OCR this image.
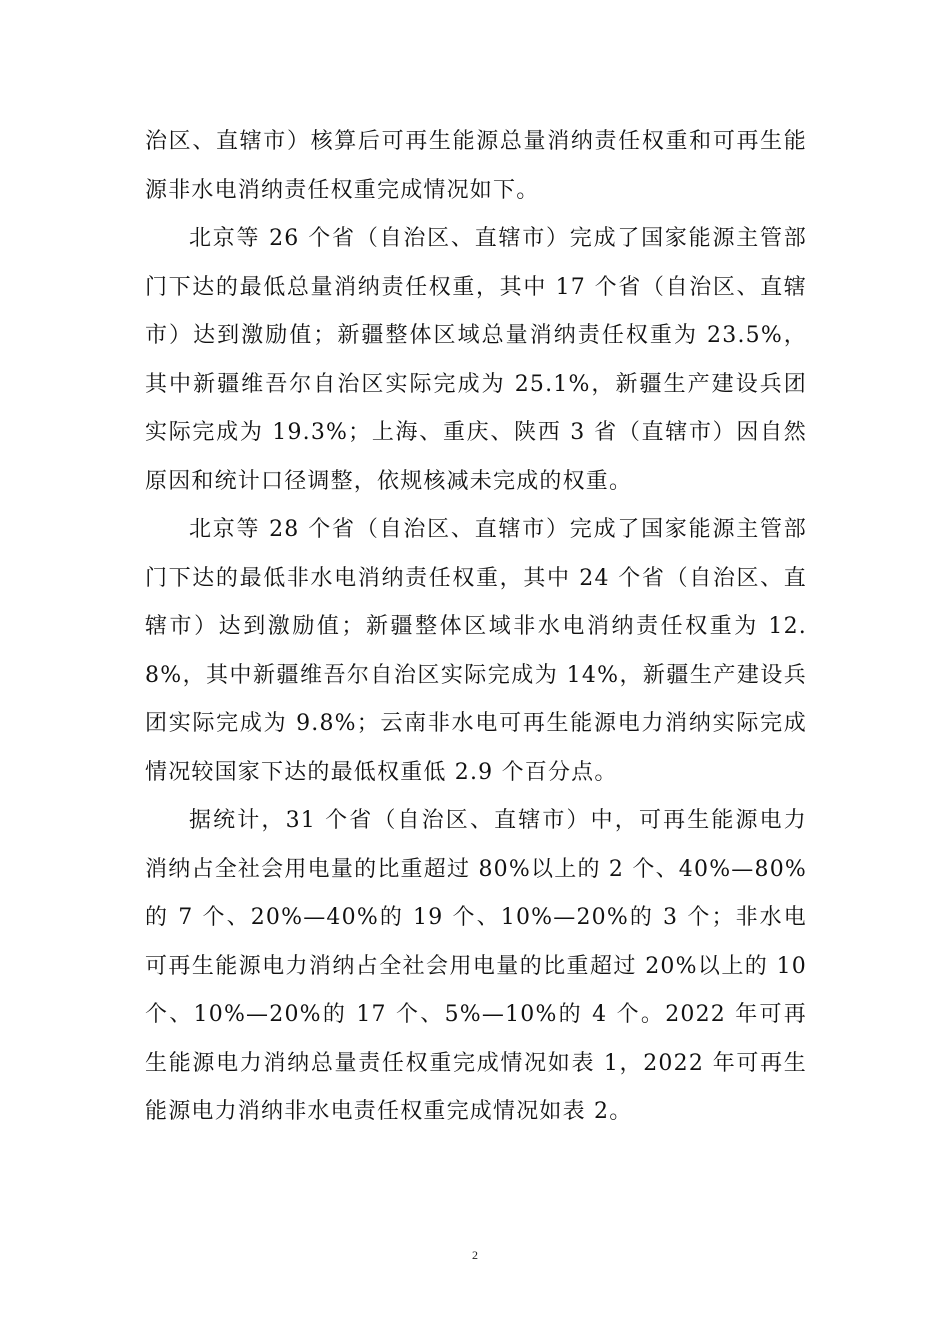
治区、直辖市）核算后可再生能源总量消纳责任权重和可再生能源非水电消纳责任权重完成情况如下。

北京等 26 个省（自治区、直辖市）完成了国家能源主管部门下达的最低总量消纳责任权重，其中 17 个省（自治区、直辖市）达到激励值；新疆整体区域总量消纳责任权重为 23.5%，其中新疆维吾尔自治区实际完成为 25.1%，新疆生产建设兵团实际完成为 19.3%；上海、重庆、陕西 3 省（直辖市）因自然原因和统计口径调整，依规核减未完成的权重。

北京等 28 个省（自治区、直辖市）完成了国家能源主管部门下达的最低非水电消纳责任权重，其中 24 个省（自治区、直辖市）达到激励值；新疆整体区域非水电消纳责任权重为 12.8%，其中新疆维吾尔自治区实际完成为 14%，新疆生产建设兵团实际完成为 9.8%；云南非水电可再生能源电力消纳实际完成情况较国家下达的最低权重低 2.9 个百分点。

据统计，31 个省（自治区、直辖市）中，可再生能源电力消纳占全社会用电量的比重超过 80%以上的 2 个、40%—80%的 7 个、20%—40%的 19 个、10%—20%的 3 个；非水电可再生能源电力消纳占全社会用电量的比重超过 20%以上的 10 个、10%—20%的 17 个、5%—10%的 4 个。2022 年可再生能源电力消纳总量责任权重完成情况如表 1，2022 年可再生能源电力消纳非水电责任权重完成情况如表 2。

2
